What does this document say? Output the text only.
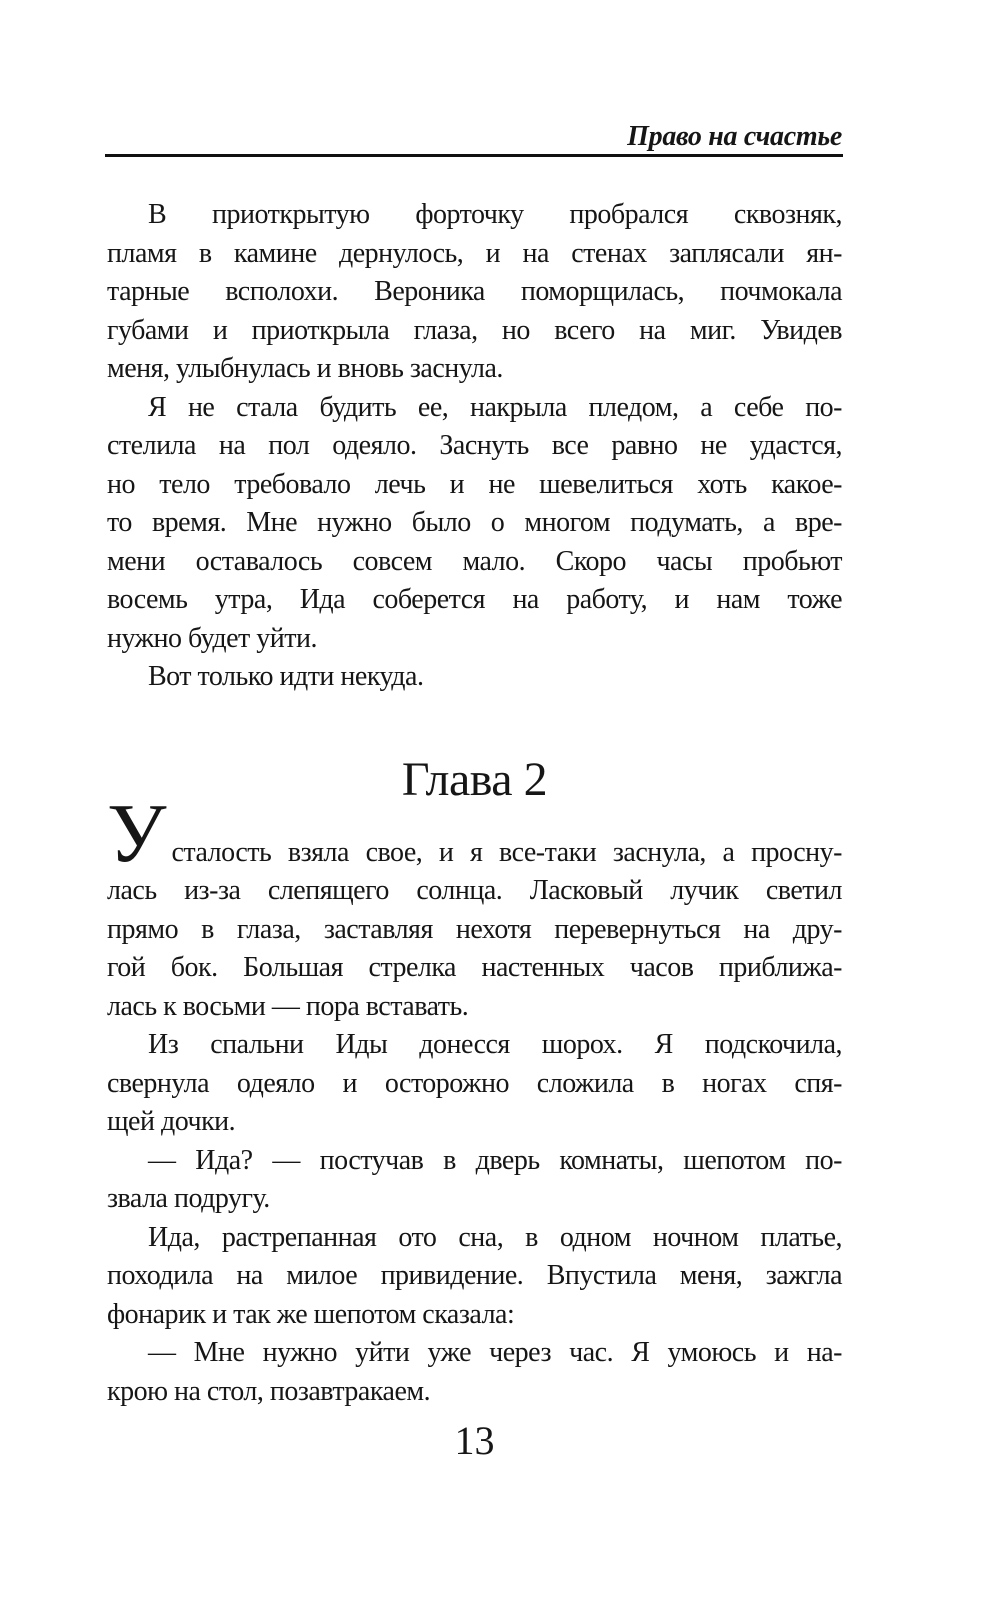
Право на счастье
В приоткрытую форточку пробрался сквозняк,
пламя в камине дернулось, и на стенах заплясали ян-
тарные всполохи. Вероника поморщилась, почмокала
губами и приоткрыла глаза, но всего на миг. Увидев
меня, улыбнулась и вновь заснула.
Я не стала будить ее, накрыла пледом, а себе по-
стелила на пол одеяло. Заснуть все равно не удастся,
но тело требовало лечь и не шевелиться хоть какое-
то время. Мне нужно было о многом подумать, а вре-
мени оставалось совсем мало. Скоро часы пробьют
восемь утра, Ида соберется на работу, и нам тоже
нужно будет уйти.
Вот только идти некуда.
Глава 2
Усталость взяла свое, и я все-таки заснула, а просну-
лась из-за слепящего солнца. Ласковый лучик светил
прямо в глаза, заставляя нехотя перевернуться на дру-
гой бок. Большая стрелка настенных часов приближа-
лась к восьми — пора вставать.
Из спальни Иды донесся шорох. Я подскочила,
свернула одеяло и осторожно сложила в ногах спя-
щей дочки.
— Ида? — постучав в дверь комнаты, шепотом по-
звала подругу.
Ида, растрепанная ото сна, в одном ночном платье,
походила на милое привидение. Впустила меня, зажгла
фонарик и так же шепотом сказала:
— Мне нужно уйти уже через час. Я умоюсь и на-
крою на стол, позавтракаем.
13
